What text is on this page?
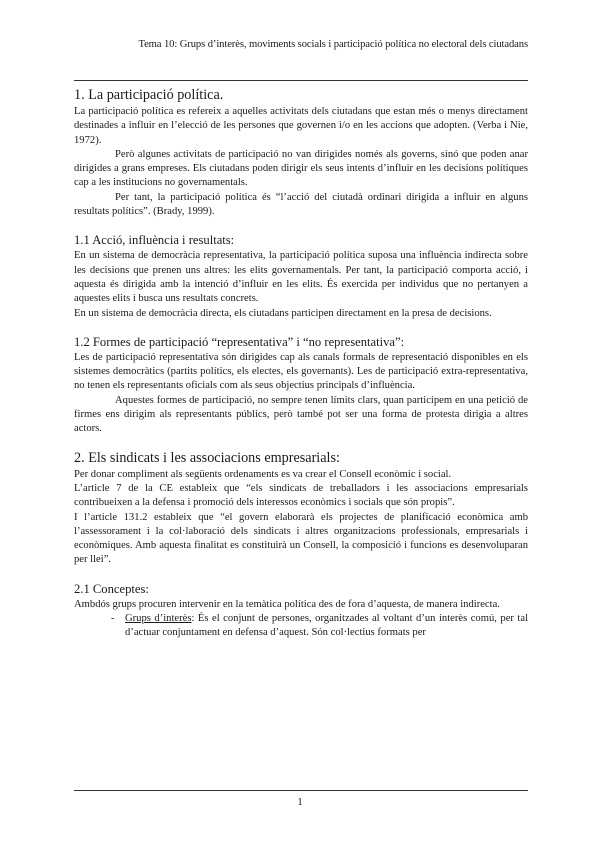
Tema 10: Grups d’interès, moviments socials i participació política no electoral dels ciutadans
1. La participació política.

La participació política es refereix a aquelles activitats dels ciutadans que estan més o menys directament destinades a influir en l’elecció de les persones que governen i/o en les accions que adopten. (Verba i Nie, 1972).

Però algunes activitats de participació no van dirigides només als governs, sinó que poden anar dirigides a grans empreses. Els ciutadans poden dirigir els seus intents d’influir en les decisions polítiques cap a les institucions no governamentals.

Per tant, la participació política és “l’acció del ciutadà ordinari dirigida a influir en alguns resultats polítics”. (Brady, 1999).

1.1 Acció, influència i resultats:

En un sistema de democràcia representativa, la participació política suposa una influència indirecta sobre les decisions que prenen uns altres: les elits governamentals. Per tant, la participació comporta acció, i aquesta és dirigida amb la intenció d’influir en les elits. És exercida per individus que no pertanyen a aquestes elits i busca uns resultats concrets.

En un sistema de democràcia directa, els ciutadans participen directament en la presa de decisions.

1.2 Formes de participació “representativa” i “no representativa”:

Les de participació representativa són dirigides cap als canals formals de representació disponibles en els sistemes democràtics (partits polítics, els electes, els governants). Les de participació extra-representativa, no tenen els representants oficials com als seus objectius principals d’influència.

Aquestes formes de participació, no sempre tenen límits clars, quan participem en una petició de firmes ens dirigim als representants públics, però també pot ser una forma de protesta dirigia a altres actors.

2. Els sindicats i les associacions empresarials:

Per donar compliment als següents ordenaments es va crear el Consell econòmic i social.

L’article 7 de la CE estableix que “els sindicats de treballadors i les associacions empresarials contribueixen a la defensa i promoció dels interessos econòmics i socials que són propis”.

I l’article 131.2 estableix que “el govern elaborarà els projectes de planificació econòmica amb l’assessorament i la col·laboració dels sindicats i altres organitzacions professionals, empresarials i econòmiques. Amb aquesta finalitat es constituirà un Consell, la composició i funcions es desenvoluparan per llei”.

2.1 Conceptes:

Ambdós grups procuren intervenir en la temàtica política des de fora d’aquesta, de manera indirecta.

- Grups d’interès: És el conjunt de persones, organitzades al voltant d’un interès comú, per tal d’actuar conjuntament en defensa d’aquest. Són col·lectius formats per
1
